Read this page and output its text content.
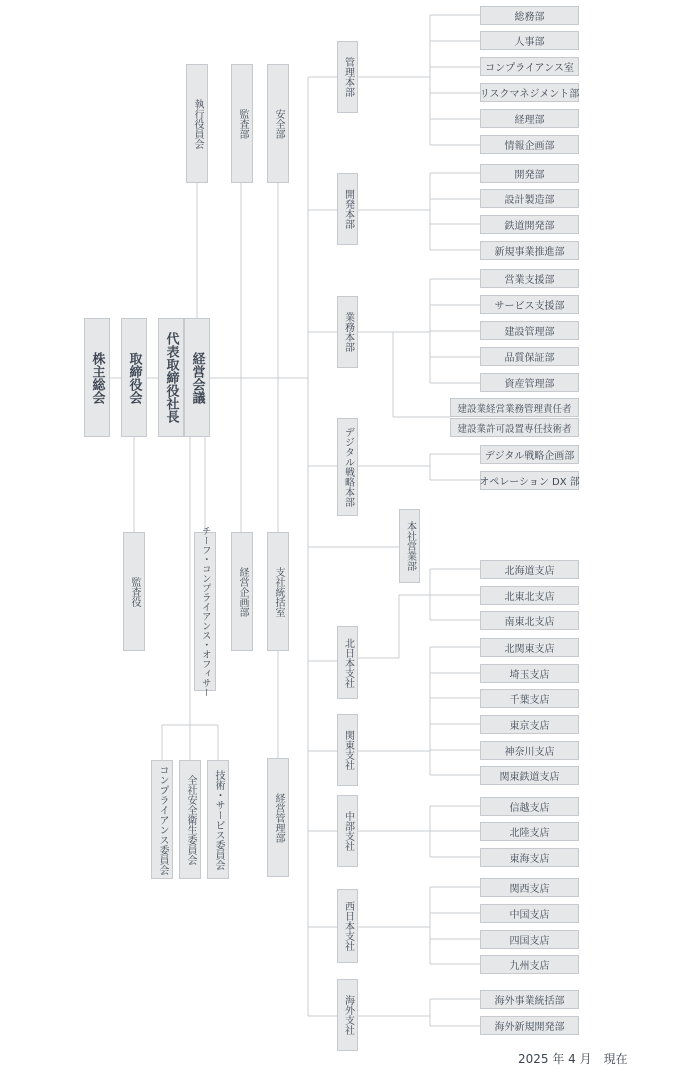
株主総会 取締役会 代表取締役社長 経営会議
執行役員会	監査部	安全部
監査役	チーフ・コンプライアンス・オフィサー	経営企画部	支社統括室
経営管理部
コンプライアンス委員会 全社安全衛生委員会 技術・サービス委員会
管理本部
開発本部
業務本部
デジタル戦略本部
本社営業部
北日本支社
関東支社
中部支社
西日本支社
海外支社
総務部
人事部
コンプライアンス室
リスクマネジメント部
経理部
情報企画部
開発部
設計製造部
鉄道開発部
新規事業推進部
営業支援部
サービス支援部
建設管理部
品質保証部
資産管理部
建設業経営業務管理責任者
建設業許可設置専任技術者
デジタル戦略企画部
オペレーション DX 部
北海道支店
北東北支店
南東北支店
北関東支店
埼玉支店
千葉支店
東京支店
神奈川支店
関東鉄道支店
信越支店
北陸支店
東海支店
関西支店
中国支店
四国支店
九州支店
海外事業統括部
海外新規開発部
2025 年 4 月 現在
